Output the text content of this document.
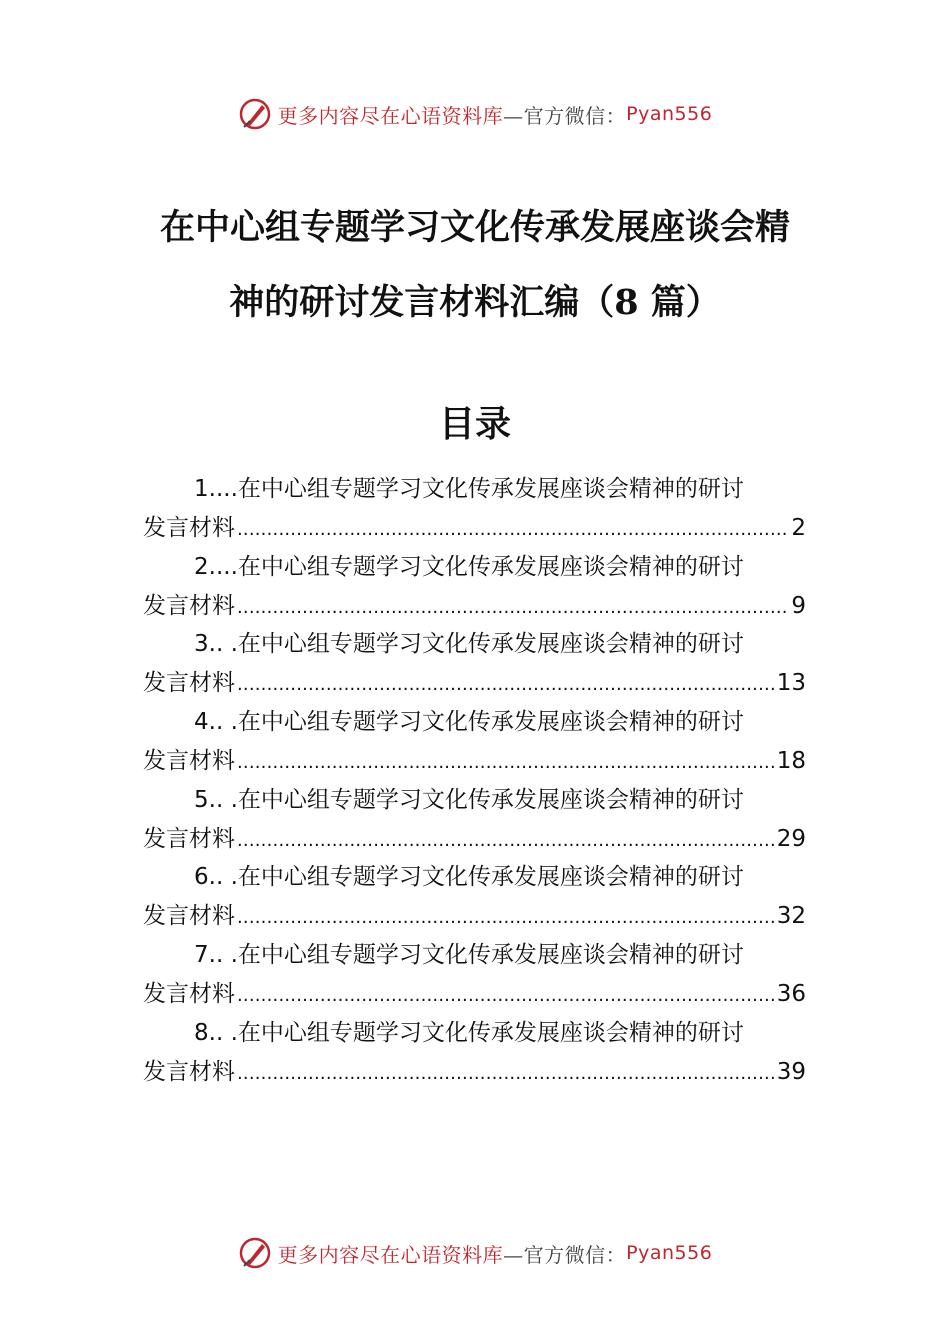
更多内容尽在心语资料库 —官方微信： Pyan556
在中心组专题学习文化传承发展座谈会精
神的研讨发言材料汇编（8 篇）
目录
1....在中心组专题学习文化传承发展座谈会精神的研讨
发言材料 .....	2
2....在中心组专题学习文化传承发展座谈会精神的研讨
发言材料 .....	9
3.. .在中心组专题学习文化传承发展座谈会精神的研讨
发言材料 .....	13
4.. .在中心组专题学习文化传承发展座谈会精神的研讨
发言材料 .....	18
5.. .在中心组专题学习文化传承发展座谈会精神的研讨
发言材料 .....	29
6.. .在中心组专题学习文化传承发展座谈会精神的研讨
发言材料 .....	32
7.. .在中心组专题学习文化传承发展座谈会精神的研讨
发言材料 .....	36
8.. .在中心组专题学习文化传承发展座谈会精神的研讨
发言材料 .....	39
更多内容尽在心语资料库 —官方微信： Pyan556
